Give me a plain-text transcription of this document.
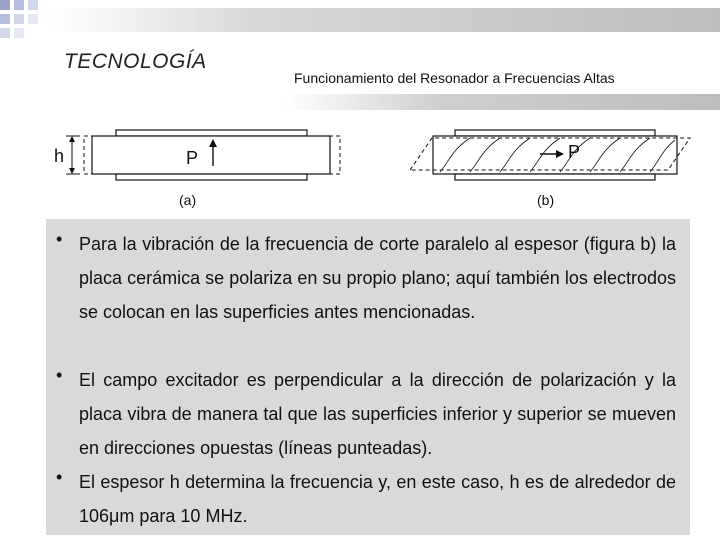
TECNOLOGÍA
Funcionamiento del Resonador a Frecuencias Altas
h	P	P
(a)	(b)
• Para la vibración de la frecuencia de corte paralelo al espesor (figura b) la placa cerámica se polariza en su propio plano; aquí también los electrodos se colocan en las superficies antes mencionadas.
• El campo excitador es perpendicular a la dirección de polarización y la placa vibra de manera tal que las superficies inferior y superior se mueven en direcciones opuestas (líneas punteadas).
• El espesor h determina la frecuencia y, en este caso, h es de alrededor de 106μm para 10 MHz.
